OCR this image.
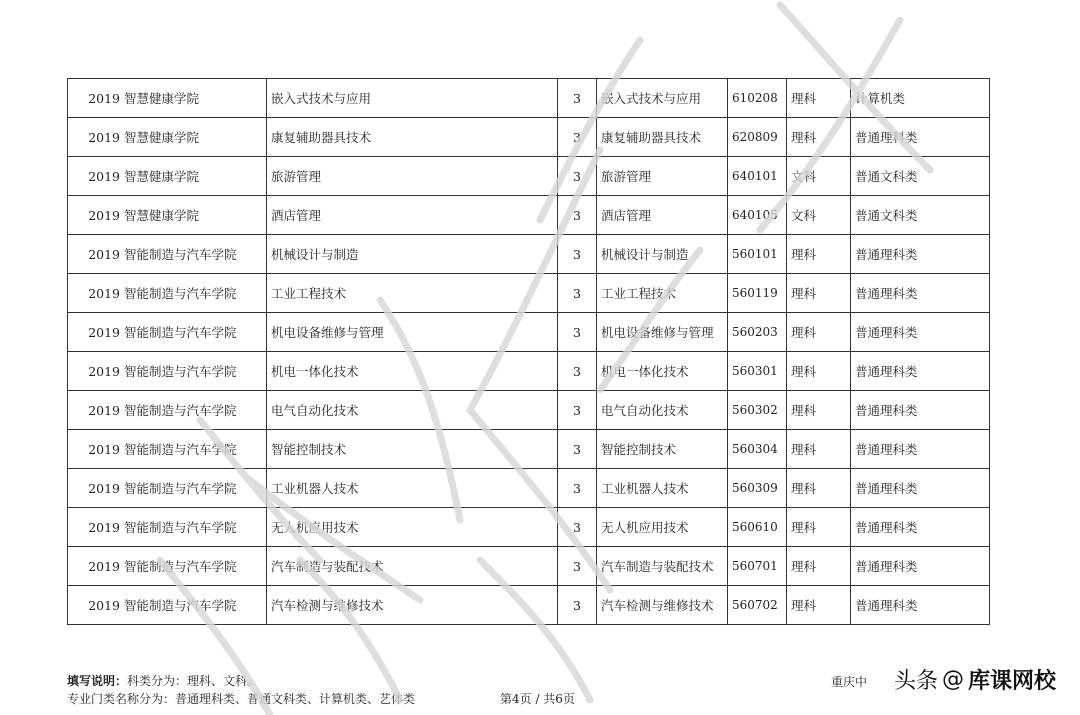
2019	智慧健康学院	嵌入式技术与应用	3	嵌入式技术与应用	610208	理科	计算机类
2019	智慧健康学院	康复辅助器具技术	3	康复辅助器具技术	620809	理科	普通理科类
2019	智慧健康学院	旅游管理	3	旅游管理	640101	文科	普通文科类
2019	智慧健康学院	酒店管理	3	酒店管理	640105	文科	普通文科类
2019	智能制造与汽车学院	机械设计与制造	3	机械设计与制造	560101	理科	普通理科类
2019	智能制造与汽车学院	工业工程技术	3	工业工程技术	560119	理科	普通理科类
2019	智能制造与汽车学院	机电设备维修与管理	3	机电设备维修与管理	560203	理科	普通理科类
2019	智能制造与汽车学院	机电一体化技术	3	机电一体化技术	560301	理科	普通理科类
2019	智能制造与汽车学院	电气自动化技术	3	电气自动化技术	560302	理科	普通理科类
2019	智能制造与汽车学院	智能控制技术	3	智能控制技术	560304	理科	普通理科类
2019	智能制造与汽车学院	工业机器人技术	3	工业机器人技术	560309	理科	普通理科类
2019	智能制造与汽车学院	无人机应用技术	3	无人机应用技术	560610	理科	普通理科类
2019	智能制造与汽车学院	汽车制造与装配技术	3	汽车制造与装配技术	560701	理科	普通理科类
2019	智能制造与汽车学院	汽车检测与维修技术	3	汽车检测与维修技术	560702	理科	普通理科类
填写说明：科类分为：理科、文科。
专业门类名称分为：普通理科类、普通文科类、计算机类、艺体类	第4页 / 共6页
重庆中 头条 @ 库课网校
